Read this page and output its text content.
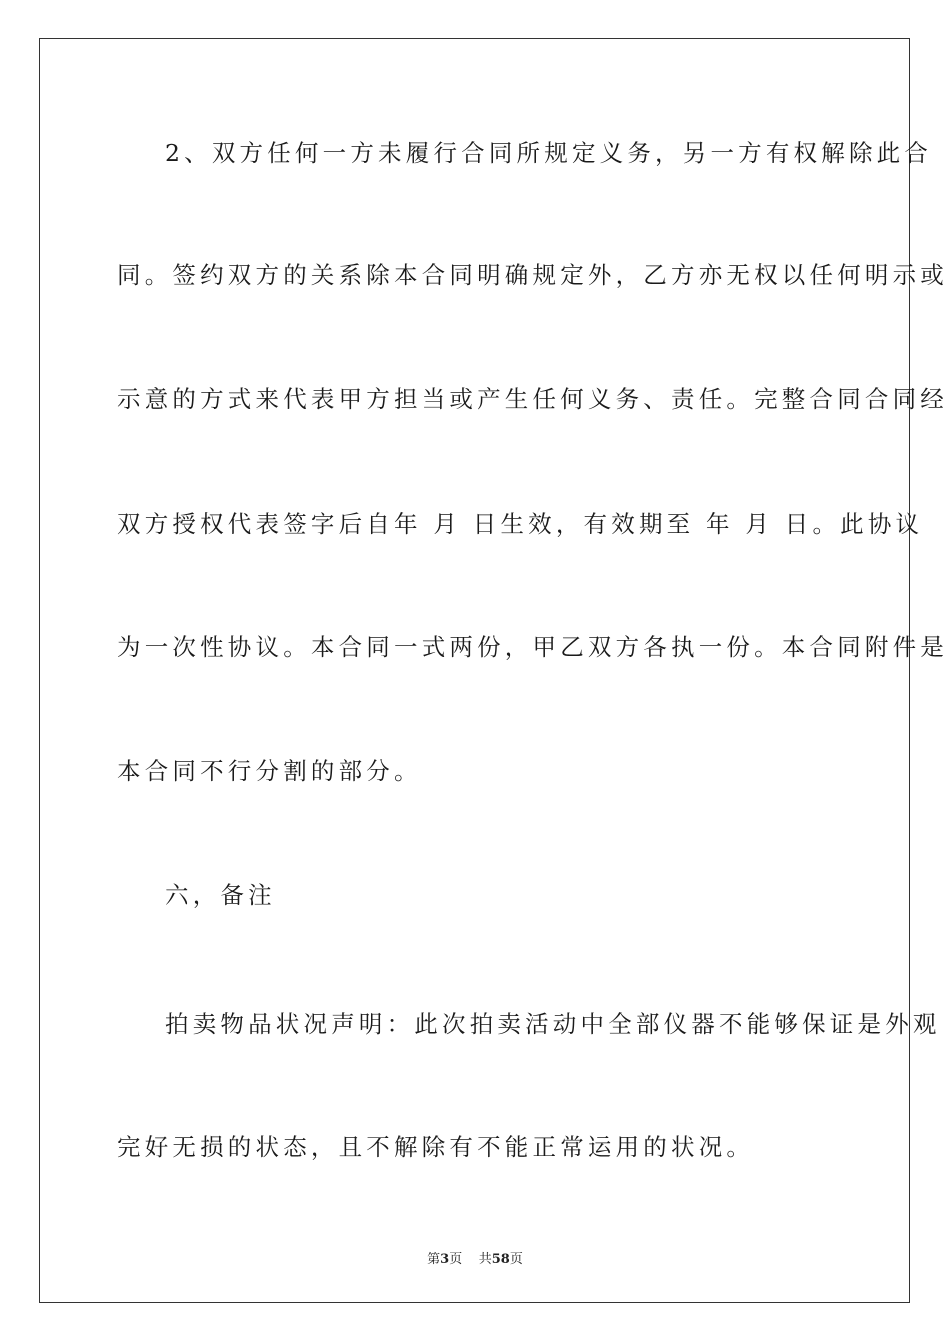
2、双方任何一方未履行合同所规定义务，另一方有权解除此合
同。签约双方的关系除本合同明确规定外，乙方亦无权以任何明示或
示意的方式来代表甲方担当或产生任何义务、责任。完整合同合同经
双方授权代表签字后自年 月 日生效，有效期至 年 月 日。此协议
为一次性协议。本合同一式两份，甲乙双方各执一份。本合同附件是
本合同不行分割的部分。
六，备注
拍卖物品状况声明：此次拍卖活动中全部仪器不能够保证是外观
完好无损的状态，且不解除有不能正常运用的状况。
第3页 共58页
